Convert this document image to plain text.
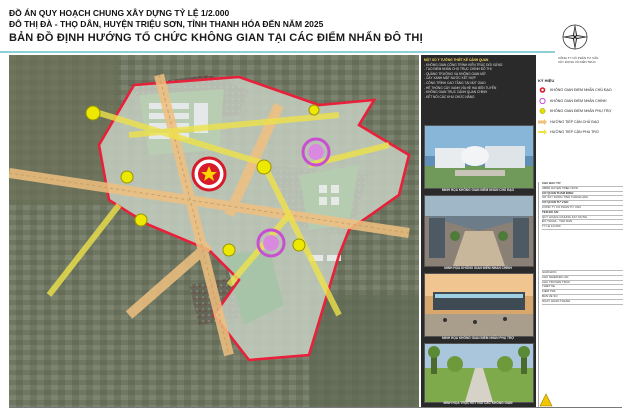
ĐỒ ÁN QUY HOẠCH CHUNG XÂY DỰNG TỶ LỆ 1/2.000
ĐÔ THỊ ĐÀ - THỌ DÂN, HUYỆN TRIỆU SƠN, TỈNH THANH HÓA ĐẾN NĂM 2025
BẢN ĐỒ ĐỊNH HƯỚNG TỔ CHỨC KHÔNG GIAN TẠI CÁC ĐIỂM NHẤN ĐÔ THỊ
CÔNG TY CỔ PHẦN TƯ VẤN
XÂY DỰNG VÀ KIẾN TRÚC
MỘT SỐ Ý TƯỞNG THIẾT KẾ CẢNH QUAN
- KHÔNG GIAN CÔNG TRÌNH KIẾN TRÚC ĐỐI XỨNG
- TẠO ĐIỂM NHẤN CHO TRỤC CHÍNH ĐÔ THỊ
- QUẢNG TRƯỜNG VÀ KHÔNG GIAN MỞ
- CÂY XANH MẶT NƯỚC KẾT HỢP
- CÔNG TRÌNH CAO TẦNG TẠI NÚT GIAO
- HỆ THỐNG CÂY XANH VỈA HÈ HAI BÊN TUYẾN
- KHÔNG GIAN TRỤC CẢNH QUAN CHÍNH
- KẾT NỐI CÁC KHU CHỨC NĂNG
MINH HỌA KHÔNG GIAN ĐIỂM NHẤN CHỦ ĐẠO
MINH HỌA KHÔNG GIAN ĐIỂM NHẤN CHÍNH
MINH HỌA KHÔNG GIAN ĐIỂM NHẤN PHỤ TRỢ
MINH HỌA TRỤC KẾT NỐI CÁC KHÔNG GIAN
KÝ HIỆU
KHÔNG GIAN ĐIỂM NHẤN CHỦ ĐẠO
KHÔNG GIAN ĐIỂM NHẤN CHÍNH
KHÔNG GIAN ĐIỂM NHẤN PHỤ TRỢ
HƯỚNG TIẾP CẬN CHỦ ĐẠO
HƯỚNG TIẾP CẬN PHỤ TRỢ
CHỦ ĐẦU TƯ:
UBND HUYỆN TRIỆU SƠN
CƠ QUAN THẨM ĐỊNH:
SỞ XÂY DỰNG TỈNH THANH HÓA
CƠ QUAN TƯ VẤN:
CÔNG TY CỔ PHẦN TƯ VẤN
TÊN ĐỒ ÁN:
QUY HOẠCH CHUNG XÂY DỰNG
ĐÔ THỊ ĐÀ - THỌ DÂN
TỶ LỆ 1/2.000
GIÁM ĐỐC
CHỦ NHIỆM ĐỒ ÁN
CHỦ TRÌ KIẾN TRÚC
THIẾT KẾ
KIỂM TRA
BẢN VẼ SỐ
NGÀY HOÀN THÀNH
